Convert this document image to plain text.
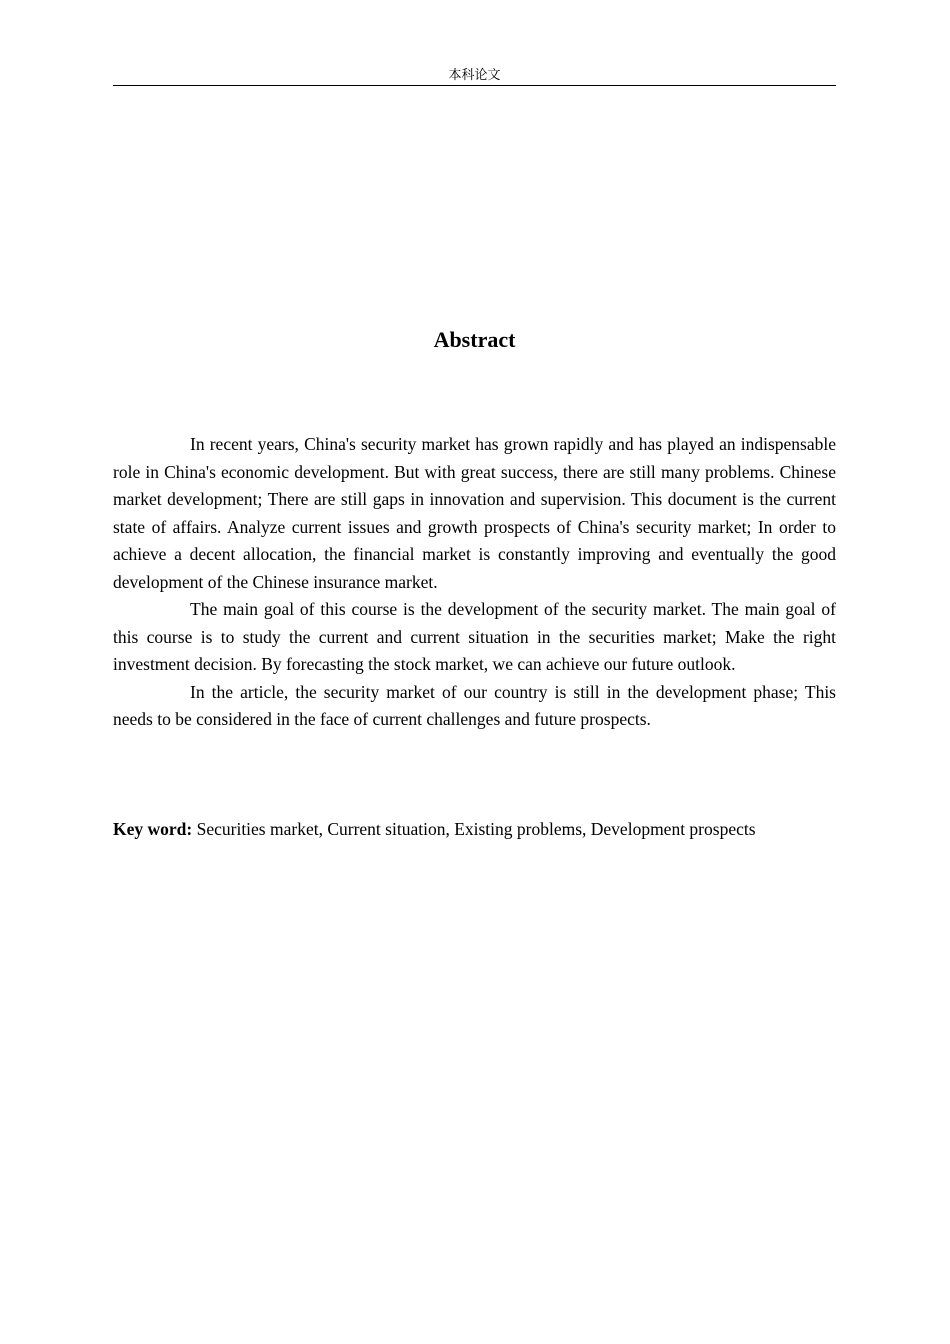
本科论文
Abstract

In recent years, China's security market has grown rapidly and has played an indispensable role in China's economic development. But with great success, there are still many problems. Chinese market development; There are still gaps in innovation and supervision. This document is the current state of affairs. Analyze current issues and growth prospects of China's security market; In order to achieve a decent allocation, the financial market is constantly improving and eventually the good development of the Chinese insurance market.

The main goal of this course is the development of the security market. The main goal of this course is to study the current and current situation in the securities market; Make the right investment decision. By forecasting the stock market, we can achieve our future outlook.

In the article, the security market of our country is still in the development phase; This needs to be considered in the face of current challenges and future prospects.

Key word: Securities market, Current situation, Existing problems, Development prospects
